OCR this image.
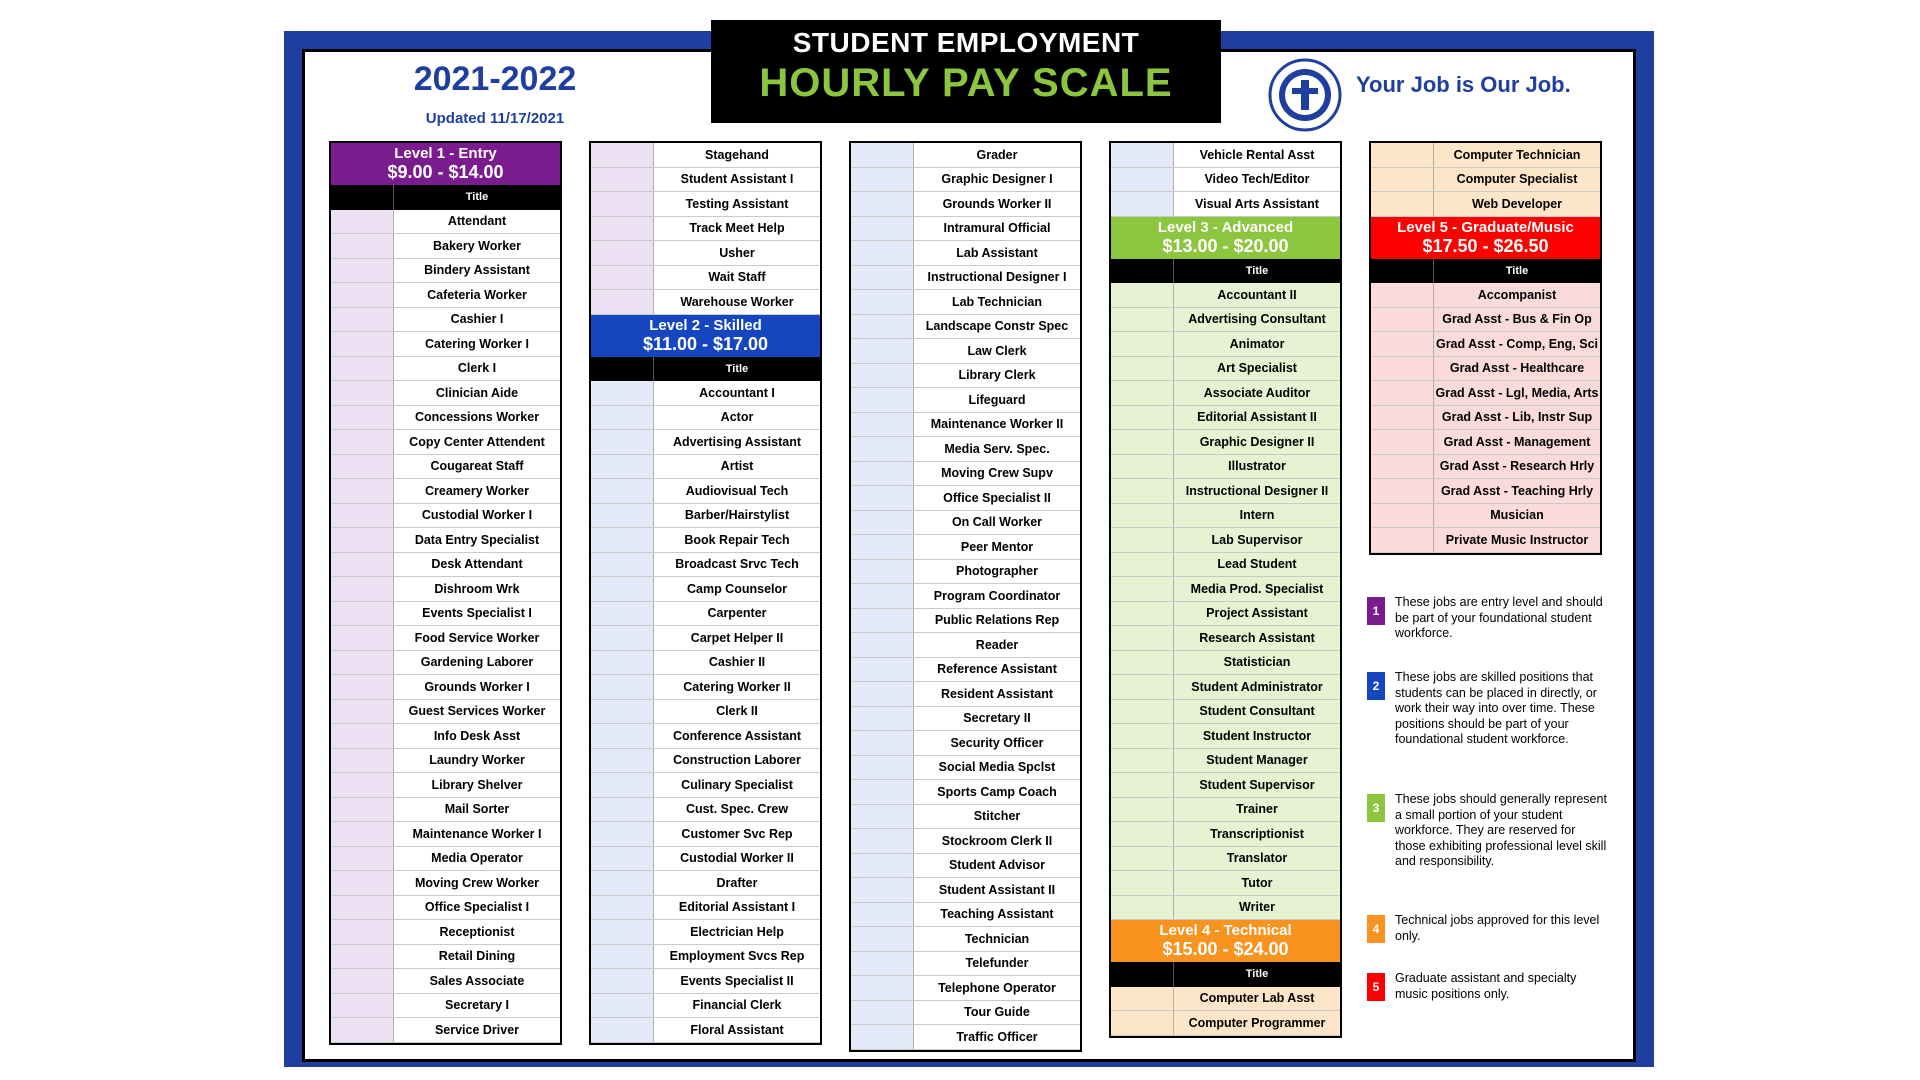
STUDENT EMPLOYMENT
HOURLY PAY SCALE
2021-2022
Updated 11/17/2021
Your Job is Our Job.
Level 1 - Entry
$9.00 - $14.00
Title
Attendant
Bakery Worker
Bindery Assistant
Cafeteria Worker
Cashier I
Catering Worker I
Clerk I
Clinician Aide
Concessions Worker
Copy Center Attendent
Cougareat Staff
Creamery Worker
Custodial Worker I
Data Entry Specialist
Desk Attendant
Dishroom Wrk
Events Specialist I
Food Service Worker
Gardening Laborer
Grounds Worker I
Guest Services Worker
Info Desk Asst
Laundry Worker
Library Shelver
Mail Sorter
Maintenance Worker I
Media Operator
Moving Crew Worker
Office Specialist I
Receptionist
Retail Dining
Sales Associate
Secretary I
Service Driver
Stagehand
Student Assistant I
Testing Assistant
Track Meet Help
Usher
Wait Staff
Warehouse Worker
Level 2 - Skilled
$11.00 - $17.00
Title
Accountant I
Actor
Advertising Assistant
Artist
Audiovisual Tech
Barber/Hairstylist
Book Repair Tech
Broadcast Srvc Tech
Camp Counselor
Carpenter
Carpet Helper II
Cashier II
Catering Worker II
Clerk II
Conference Assistant
Construction Laborer
Culinary Specialist
Cust. Spec. Crew
Customer Svc Rep
Custodial Worker II
Drafter
Editorial Assistant I
Electrician Help
Employment Svcs Rep
Events Specialist II
Financial Clerk
Floral Assistant
Grader
Graphic Designer I
Grounds Worker II
Intramural Official
Lab Assistant
Instructional Designer I
Lab Technician
Landscape Constr Spec
Law Clerk
Library Clerk
Lifeguard
Maintenance Worker II
Media Serv. Spec.
Moving Crew Supv
Office Specialist II
On Call Worker
Peer Mentor
Photographer
Program Coordinator
Public Relations Rep
Reader
Reference Assistant
Resident Assistant
Secretary II
Security Officer
Social Media Spclst
Sports Camp Coach
Stitcher
Stockroom Clerk II
Student Advisor
Student Assistant II
Teaching Assistant
Technician
Telefunder
Telephone Operator
Tour Guide
Traffic Officer
Vehicle Rental Asst
Video Tech/Editor
Visual Arts Assistant
Level 3 - Advanced
$13.00 - $20.00
Title
Accountant II
Advertising Consultant
Animator
Art Specialist
Associate Auditor
Editorial Assistant II
Graphic Designer II
Illustrator
Instructional Designer II
Intern
Lab Supervisor
Lead Student
Media Prod. Specialist
Project Assistant
Research Assistant
Statistician
Student Administrator
Student Consultant
Student Instructor
Student Manager
Student Supervisor
Trainer
Transcriptionist
Translator
Tutor
Writer
Level 4 - Technical
$15.00 - $24.00
Title
Computer Lab Asst
Computer Programmer
Computer Technician
Computer Specialist
Web Developer
Level 5 - Graduate/Music
$17.50 - $26.50
Title
Accompanist
Grad Asst - Bus & Fin Op
Grad Asst - Comp, Eng, Sci
Grad Asst - Healthcare
Grad Asst - Lgl, Media, Arts
Grad Asst - Lib, Instr Sup
Grad Asst - Management
Grad Asst - Research Hrly
Grad Asst - Teaching Hrly
Musician
Private Music Instructor
1
These jobs are entry level and should be part of your foundational student workforce.
2
These jobs are skilled positions that students can be placed in directly, or work their way into over time. These positions should be part of your foundational student workforce.
3
These jobs should generally represent a small portion of your student workforce. They are reserved for those exhibiting professional level skill and responsibility.
4
Technical jobs approved for this level only.
5
Graduate assistant and specialty music positions only.
